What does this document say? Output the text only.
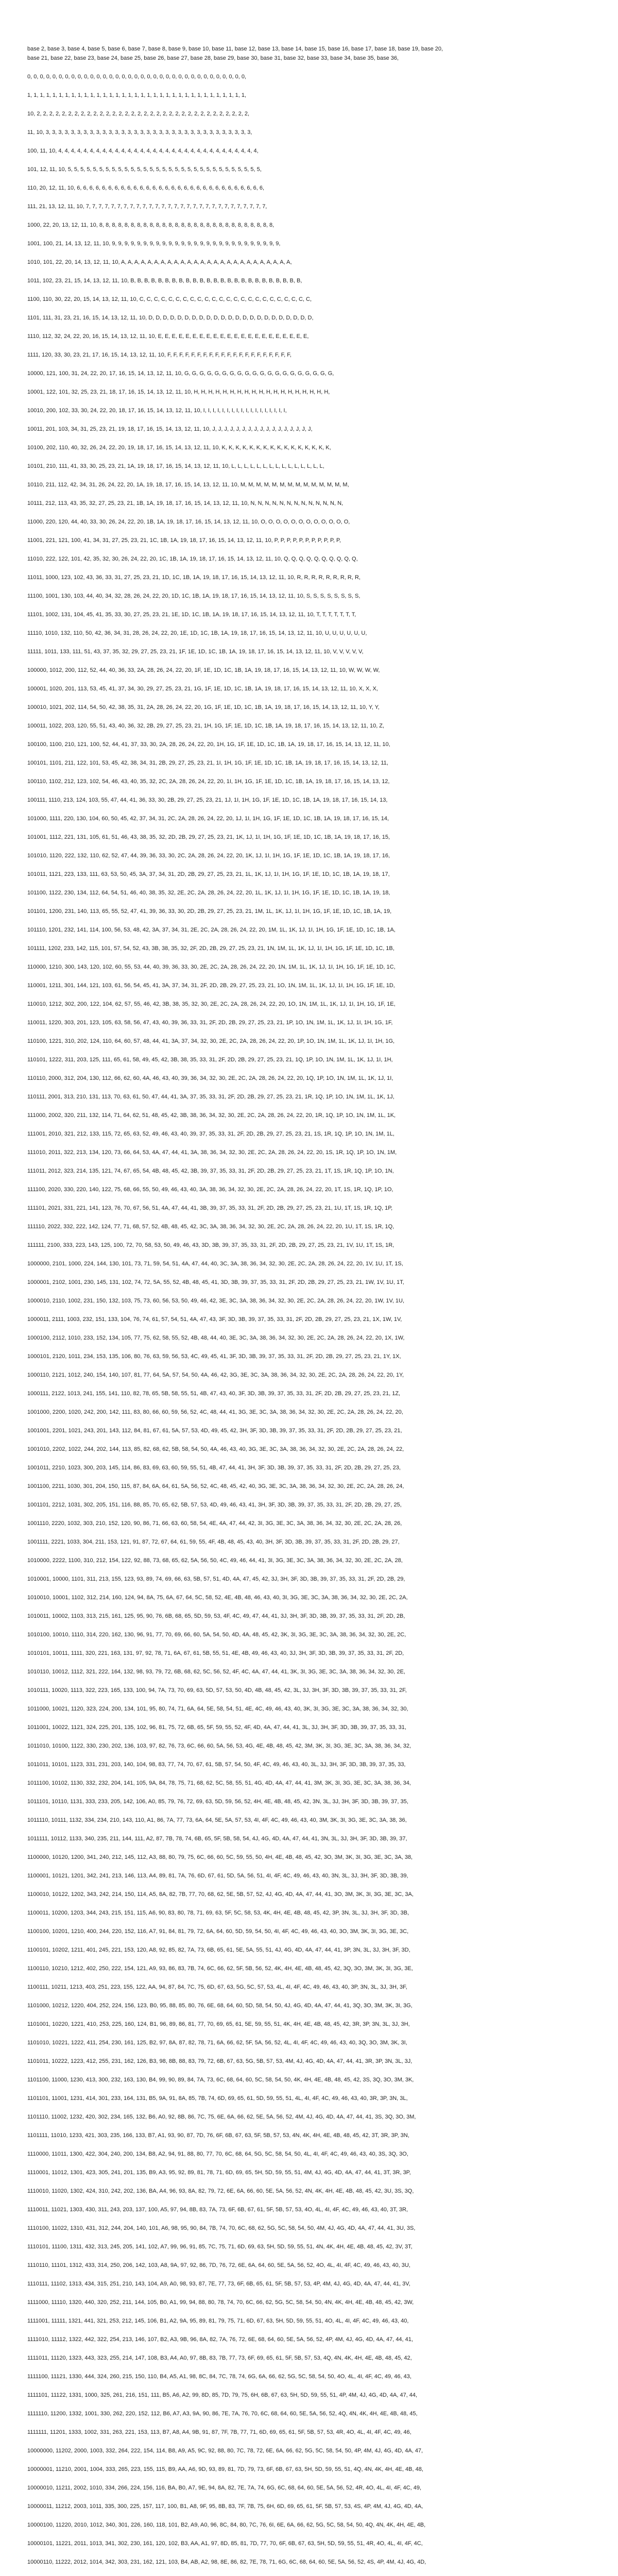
base 2, base 3, base 4, base 5, base 6, base 7, base 8, base 9, base 10, base 11, base 12, base 13, base 14, base 15, base 16, base 17, base 18, base 19, base 20,
base 21, base 22, base 23, base 24, base 25, base 26, base 27, base 28, base 29, base 30, base 31, base 32, base 33, base 34, base 35, base 36,
0, 0, 0, 0, 0, 0, 0, 0, 0, 0, 0, 0, 0, 0, 0, 0, 0, 0, 0, 0, 0, 0, 0, 0, 0, 0, 0, 0, 0, 0, 0, 0, 0, 0, 0,
1, 1, 1, 1, 1, 1, 1, 1, 1, 1, 1, 1, 1, 1, 1, 1, 1, 1, 1, 1, 1, 1, 1, 1, 1, 1, 1, 1, 1, 1, 1, 1, 1, 1, 1,
10, 2, 2, 2, 2, 2, 2, 2, 2, 2, 2, 2, 2, 2, 2, 2, 2, 2, 2, 2, 2, 2, 2, 2, 2, 2, 2, 2, 2, 2, 2, 2, 2, 2, 2,
11, 10, 3, 3, 3, 3, 3, 3, 3, 3, 3, 3, 3, 3, 3, 3, 3, 3, 3, 3, 3, 3, 3, 3, 3, 3, 3, 3, 3, 3, 3, 3, 3, 3, 3,
100, 11, 10, 4, 4, 4, 4, 4, 4, 4, 4, 4, 4, 4, 4, 4, 4, 4, 4, 4, 4, 4, 4, 4, 4, 4, 4, 4, 4, 4, 4, 4, 4, 4, 4,
101, 12, 11, 10, 5, 5, 5, 5, 5, 5, 5, 5, 5, 5, 5, 5, 5, 5, 5, 5, 5, 5, 5, 5, 5, 5, 5, 5, 5, 5, 5, 5, 5, 5, 5,
110, 20, 12, 11, 10, 6, 6, 6, 6, 6, 6, 6, 6, 6, 6, 6, 6, 6, 6, 6, 6, 6, 6, 6, 6, 6, 6, 6, 6, 6, 6, 6, 6, 6, 6,
111, 21, 13, 12, 11, 10, 7, 7, 7, 7, 7, 7, 7, 7, 7, 7, 7, 7, 7, 7, 7, 7, 7, 7, 7, 7, 7, 7, 7, 7, 7, 7, 7, 7, 7,
1000, 22, 20, 13, 12, 11, 10, 8, 8, 8, 8, 8, 8, 8, 8, 8, 8, 8, 8, 8, 8, 8, 8, 8, 8, 8, 8, 8, 8, 8, 8, 8, 8, 8, 8,
1001, 100, 21, 14, 13, 12, 11, 10, 9, 9, 9, 9, 9, 9, 9, 9, 9, 9, 9, 9, 9, 9, 9, 9, 9, 9, 9, 9, 9, 9, 9, 9, 9, 9, 9,
1010, 101, 22, 20, 14, 13, 12, 11, 10, A, A, A, A, A, A, A, A, A, A, A, A, A, A, A, A, A, A, A, A, A, A, A, A, A, A,
1011, 102, 23, 21, 15, 14, 13, 12, 11, 10, B, B, B, B, B, B, B, B, B, B, B, B, B, B, B, B, B, B, B, B, B, B, B, B, B,
1100, 110, 30, 22, 20, 15, 14, 13, 12, 11, 10, C, C, C, C, C, C, C, C, C, C, C, C, C, C, C, C, C, C, C, C, C, C, C, C,
1101, 111, 31, 23, 21, 16, 15, 14, 13, 12, 11, 10, D, D, D, D, D, D, D, D, D, D, D, D, D, D, D, D, D, D, D, D, D, D, D,
1110, 112, 32, 24, 22, 20, 16, 15, 14, 13, 12, 11, 10, E, E, E, E, E, E, E, E, E, E, E, E, E, E, E, E, E, E, E, E, E, E,
1111, 120, 33, 30, 23, 21, 17, 16, 15, 14, 13, 12, 11, 10, F, F, F, F, F, F, F, F, F, F, F, F, F, F, F, F, F, F, F, F, F,
10000, 121, 100, 31, 24, 22, 20, 17, 16, 15, 14, 13, 12, 11, 10, G, G, G, G, G, G, G, G, G, G, G, G, G, G, G, G, G, G, G, G,
10001, 122, 101, 32, 25, 23, 21, 18, 17, 16, 15, 14, 13, 12, 11, 10, H, H, H, H, H, H, H, H, H, H, H, H, H, H, H, H, H, H, H,
10010, 200, 102, 33, 30, 24, 22, 20, 18, 17, 16, 15, 14, 13, 12, 11, 10, I, I, I, I, I, I, I, I, I, I, I, I, I, I, I, I, I, I,
10011, 201, 103, 34, 31, 25, 23, 21, 19, 18, 17, 16, 15, 14, 13, 12, 11, 10, J, J, J, J, J, J, J, J, J, J, J, J, J, J, J, J, J,
10100, 202, 110, 40, 32, 26, 24, 22, 20, 19, 18, 17, 16, 15, 14, 13, 12, 11, 10, K, K, K, K, K, K, K, K, K, K, K, K, K, K, K, K,
10101, 210, 111, 41, 33, 30, 25, 23, 21, 1A, 19, 18, 17, 16, 15, 14, 13, 12, 11, 10, L, L, L, L, L, L, L, L, L, L, L, L, L, L, L,
10110, 211, 112, 42, 34, 31, 26, 24, 22, 20, 1A, 19, 18, 17, 16, 15, 14, 13, 12, 11, 10, M, M, M, M, M, M, M, M, M, M, M, M, M, M,
10111, 212, 113, 43, 35, 32, 27, 25, 23, 21, 1B, 1A, 19, 18, 17, 16, 15, 14, 13, 12, 11, 10, N, N, N, N, N, N, N, N, N, N, N, N, N,
11000, 220, 120, 44, 40, 33, 30, 26, 24, 22, 20, 1B, 1A, 19, 18, 17, 16, 15, 14, 13, 12, 11, 10, O, O, O, O, O, O, O, O, O, O, O, O,
11001, 221, 121, 100, 41, 34, 31, 27, 25, 23, 21, 1C, 1B, 1A, 19, 18, 17, 16, 15, 14, 13, 12, 11, 10, P, P, P, P, P, P, P, P, P, P, P,
11010, 222, 122, 101, 42, 35, 32, 30, 26, 24, 22, 20, 1C, 1B, 1A, 19, 18, 17, 16, 15, 14, 13, 12, 11, 10, Q, Q, Q, Q, Q, Q, Q, Q, Q, Q,
11011, 1000, 123, 102, 43, 36, 33, 31, 27, 25, 23, 21, 1D, 1C, 1B, 1A, 19, 18, 17, 16, 15, 14, 13, 12, 11, 10, R, R, R, R, R, R, R, R, R,
11100, 1001, 130, 103, 44, 40, 34, 32, 28, 26, 24, 22, 20, 1D, 1C, 1B, 1A, 19, 18, 17, 16, 15, 14, 13, 12, 11, 10, S, S, S, S, S, S, S, S,
11101, 1002, 131, 104, 45, 41, 35, 33, 30, 27, 25, 23, 21, 1E, 1D, 1C, 1B, 1A, 19, 18, 17, 16, 15, 14, 13, 12, 11, 10, T, T, T, T, T, T, T,
11110, 1010, 132, 110, 50, 42, 36, 34, 31, 28, 26, 24, 22, 20, 1E, 1D, 1C, 1B, 1A, 19, 18, 17, 16, 15, 14, 13, 12, 11, 10, U, U, U, U, U, U,
11111, 1011, 133, 111, 51, 43, 37, 35, 32, 29, 27, 25, 23, 21, 1F, 1E, 1D, 1C, 1B, 1A, 19, 18, 17, 16, 15, 14, 13, 12, 11, 10, V, V, V, V, V,
100000, 1012, 200, 112, 52, 44, 40, 36, 33, 2A, 28, 26, 24, 22, 20, 1F, 1E, 1D, 1C, 1B, 1A, 19, 18, 17, 16, 15, 14, 13, 12, 11, 10, W, W, W, W,
100001, 1020, 201, 113, 53, 45, 41, 37, 34, 30, 29, 27, 25, 23, 21, 1G, 1F, 1E, 1D, 1C, 1B, 1A, 19, 18, 17, 16, 15, 14, 13, 12, 11, 10, X, X, X,
100010, 1021, 202, 114, 54, 50, 42, 38, 35, 31, 2A, 28, 26, 24, 22, 20, 1G, 1F, 1E, 1D, 1C, 1B, 1A, 19, 18, 17, 16, 15, 14, 13, 12, 11, 10, Y, Y,
100011, 1022, 203, 120, 55, 51, 43, 40, 36, 32, 2B, 29, 27, 25, 23, 21, 1H, 1G, 1F, 1E, 1D, 1C, 1B, 1A, 19, 18, 17, 16, 15, 14, 13, 12, 11, 10, Z,
100100, 1100, 210, 121, 100, 52, 44, 41, 37, 33, 30, 2A, 28, 26, 24, 22, 20, 1H, 1G, 1F, 1E, 1D, 1C, 1B, 1A, 19, 18, 17, 16, 15, 14, 13, 12, 11, 10,
100101, 1101, 211, 122, 101, 53, 45, 42, 38, 34, 31, 2B, 29, 27, 25, 23, 21, 1I, 1H, 1G, 1F, 1E, 1D, 1C, 1B, 1A, 19, 18, 17, 16, 15, 14, 13, 12, 11,
100110, 1102, 212, 123, 102, 54, 46, 43, 40, 35, 32, 2C, 2A, 28, 26, 24, 22, 20, 1I, 1H, 1G, 1F, 1E, 1D, 1C, 1B, 1A, 19, 18, 17, 16, 15, 14, 13, 12,
100111, 1110, 213, 124, 103, 55, 47, 44, 41, 36, 33, 30, 2B, 29, 27, 25, 23, 21, 1J, 1I, 1H, 1G, 1F, 1E, 1D, 1C, 1B, 1A, 19, 18, 17, 16, 15, 14, 13,
101000, 1111, 220, 130, 104, 60, 50, 45, 42, 37, 34, 31, 2C, 2A, 28, 26, 24, 22, 20, 1J, 1I, 1H, 1G, 1F, 1E, 1D, 1C, 1B, 1A, 19, 18, 17, 16, 15, 14,
101001, 1112, 221, 131, 105, 61, 51, 46, 43, 38, 35, 32, 2D, 2B, 29, 27, 25, 23, 21, 1K, 1J, 1I, 1H, 1G, 1F, 1E, 1D, 1C, 1B, 1A, 19, 18, 17, 16, 15,
101010, 1120, 222, 132, 110, 62, 52, 47, 44, 39, 36, 33, 30, 2C, 2A, 28, 26, 24, 22, 20, 1K, 1J, 1I, 1H, 1G, 1F, 1E, 1D, 1C, 1B, 1A, 19, 18, 17, 16,
101011, 1121, 223, 133, 111, 63, 53, 50, 45, 3A, 37, 34, 31, 2D, 2B, 29, 27, 25, 23, 21, 1L, 1K, 1J, 1I, 1H, 1G, 1F, 1E, 1D, 1C, 1B, 1A, 19, 18, 17,
101100, 1122, 230, 134, 112, 64, 54, 51, 46, 40, 38, 35, 32, 2E, 2C, 2A, 28, 26, 24, 22, 20, 1L, 1K, 1J, 1I, 1H, 1G, 1F, 1E, 1D, 1C, 1B, 1A, 19, 18,
101101, 1200, 231, 140, 113, 65, 55, 52, 47, 41, 39, 36, 33, 30, 2D, 2B, 29, 27, 25, 23, 21, 1M, 1L, 1K, 1J, 1I, 1H, 1G, 1F, 1E, 1D, 1C, 1B, 1A, 19,
101110, 1201, 232, 141, 114, 100, 56, 53, 48, 42, 3A, 37, 34, 31, 2E, 2C, 2A, 28, 26, 24, 22, 20, 1M, 1L, 1K, 1J, 1I, 1H, 1G, 1F, 1E, 1D, 1C, 1B, 1A,
101111, 1202, 233, 142, 115, 101, 57, 54, 52, 43, 3B, 38, 35, 32, 2F, 2D, 2B, 29, 27, 25, 23, 21, 1N, 1M, 1L, 1K, 1J, 1I, 1H, 1G, 1F, 1E, 1D, 1C, 1B,
110000, 1210, 300, 143, 120, 102, 60, 55, 53, 44, 40, 39, 36, 33, 30, 2E, 2C, 2A, 28, 26, 24, 22, 20, 1N, 1M, 1L, 1K, 1J, 1I, 1H, 1G, 1F, 1E, 1D, 1C,
110001, 1211, 301, 144, 121, 103, 61, 56, 54, 45, 41, 3A, 37, 34, 31, 2F, 2D, 2B, 29, 27, 25, 23, 21, 1O, 1N, 1M, 1L, 1K, 1J, 1I, 1H, 1G, 1F, 1E, 1D,
110010, 1212, 302, 200, 122, 104, 62, 57, 55, 46, 42, 3B, 38, 35, 32, 30, 2E, 2C, 2A, 28, 26, 24, 22, 20, 1O, 1N, 1M, 1L, 1K, 1J, 1I, 1H, 1G, 1F, 1E,
110011, 1220, 303, 201, 123, 105, 63, 58, 56, 47, 43, 40, 39, 36, 33, 31, 2F, 2D, 2B, 29, 27, 25, 23, 21, 1P, 1O, 1N, 1M, 1L, 1K, 1J, 1I, 1H, 1G, 1F,
110100, 1221, 310, 202, 124, 110, 64, 60, 57, 48, 44, 41, 3A, 37, 34, 32, 30, 2E, 2C, 2A, 28, 26, 24, 22, 20, 1P, 1O, 1N, 1M, 1L, 1K, 1J, 1I, 1H, 1G,
110101, 1222, 311, 203, 125, 111, 65, 61, 58, 49, 45, 42, 3B, 38, 35, 33, 31, 2F, 2D, 2B, 29, 27, 25, 23, 21, 1Q, 1P, 1O, 1N, 1M, 1L, 1K, 1J, 1I, 1H,
110110, 2000, 312, 204, 130, 112, 66, 62, 60, 4A, 46, 43, 40, 39, 36, 34, 32, 30, 2E, 2C, 2A, 28, 26, 24, 22, 20, 1Q, 1P, 1O, 1N, 1M, 1L, 1K, 1J, 1I,
110111, 2001, 313, 210, 131, 113, 70, 63, 61, 50, 47, 44, 41, 3A, 37, 35, 33, 31, 2F, 2D, 2B, 29, 27, 25, 23, 21, 1R, 1Q, 1P, 1O, 1N, 1M, 1L, 1K, 1J,
111000, 2002, 320, 211, 132, 114, 71, 64, 62, 51, 48, 45, 42, 3B, 38, 36, 34, 32, 30, 2E, 2C, 2A, 28, 26, 24, 22, 20, 1R, 1Q, 1P, 1O, 1N, 1M, 1L, 1K,
111001, 2010, 321, 212, 133, 115, 72, 65, 63, 52, 49, 46, 43, 40, 39, 37, 35, 33, 31, 2F, 2D, 2B, 29, 27, 25, 23, 21, 1S, 1R, 1Q, 1P, 1O, 1N, 1M, 1L,
111010, 2011, 322, 213, 134, 120, 73, 66, 64, 53, 4A, 47, 44, 41, 3A, 38, 36, 34, 32, 30, 2E, 2C, 2A, 28, 26, 24, 22, 20, 1S, 1R, 1Q, 1P, 1O, 1N, 1M,
111011, 2012, 323, 214, 135, 121, 74, 67, 65, 54, 4B, 48, 45, 42, 3B, 39, 37, 35, 33, 31, 2F, 2D, 2B, 29, 27, 25, 23, 21, 1T, 1S, 1R, 1Q, 1P, 1O, 1N,
111100, 2020, 330, 220, 140, 122, 75, 68, 66, 55, 50, 49, 46, 43, 40, 3A, 38, 36, 34, 32, 30, 2E, 2C, 2A, 28, 26, 24, 22, 20, 1T, 1S, 1R, 1Q, 1P, 1O,
111101, 2021, 331, 221, 141, 123, 76, 70, 67, 56, 51, 4A, 47, 44, 41, 3B, 39, 37, 35, 33, 31, 2F, 2D, 2B, 29, 27, 25, 23, 21, 1U, 1T, 1S, 1R, 1Q, 1P,
111110, 2022, 332, 222, 142, 124, 77, 71, 68, 57, 52, 4B, 48, 45, 42, 3C, 3A, 38, 36, 34, 32, 30, 2E, 2C, 2A, 28, 26, 24, 22, 20, 1U, 1T, 1S, 1R, 1Q,
111111, 2100, 333, 223, 143, 125, 100, 72, 70, 58, 53, 50, 49, 46, 43, 3D, 3B, 39, 37, 35, 33, 31, 2F, 2D, 2B, 29, 27, 25, 23, 21, 1V, 1U, 1T, 1S, 1R,
1000000, 2101, 1000, 224, 144, 130, 101, 73, 71, 59, 54, 51, 4A, 47, 44, 40, 3C, 3A, 38, 36, 34, 32, 30, 2E, 2C, 2A, 28, 26, 24, 22, 20, 1V, 1U, 1T, 1S,
1000001, 2102, 1001, 230, 145, 131, 102, 74, 72, 5A, 55, 52, 4B, 48, 45, 41, 3D, 3B, 39, 37, 35, 33, 31, 2F, 2D, 2B, 29, 27, 25, 23, 21, 1W, 1V, 1U, 1T,
1000010, 2110, 1002, 231, 150, 132, 103, 75, 73, 60, 56, 53, 50, 49, 46, 42, 3E, 3C, 3A, 38, 36, 34, 32, 30, 2E, 2C, 2A, 28, 26, 24, 22, 20, 1W, 1V, 1U,
1000011, 2111, 1003, 232, 151, 133, 104, 76, 74, 61, 57, 54, 51, 4A, 47, 43, 3F, 3D, 3B, 39, 37, 35, 33, 31, 2F, 2D, 2B, 29, 27, 25, 23, 21, 1X, 1W, 1V,
1000100, 2112, 1010, 233, 152, 134, 105, 77, 75, 62, 58, 55, 52, 4B, 48, 44, 40, 3E, 3C, 3A, 38, 36, 34, 32, 30, 2E, 2C, 2A, 28, 26, 24, 22, 20, 1X, 1W,
1000101, 2120, 1011, 234, 153, 135, 106, 80, 76, 63, 59, 56, 53, 4C, 49, 45, 41, 3F, 3D, 3B, 39, 37, 35, 33, 31, 2F, 2D, 2B, 29, 27, 25, 23, 21, 1Y, 1X,
1000110, 2121, 1012, 240, 154, 140, 107, 81, 77, 64, 5A, 57, 54, 50, 4A, 46, 42, 3G, 3E, 3C, 3A, 38, 36, 34, 32, 30, 2E, 2C, 2A, 28, 26, 24, 22, 20, 1Y,
1000111, 2122, 1013, 241, 155, 141, 110, 82, 78, 65, 5B, 58, 55, 51, 4B, 47, 43, 40, 3F, 3D, 3B, 39, 37, 35, 33, 31, 2F, 2D, 2B, 29, 27, 25, 23, 21, 1Z,
1001000, 2200, 1020, 242, 200, 142, 111, 83, 80, 66, 60, 59, 56, 52, 4C, 48, 44, 41, 3G, 3E, 3C, 3A, 38, 36, 34, 32, 30, 2E, 2C, 2A, 28, 26, 24, 22, 20,
1001001, 2201, 1021, 243, 201, 143, 112, 84, 81, 67, 61, 5A, 57, 53, 4D, 49, 45, 42, 3H, 3F, 3D, 3B, 39, 37, 35, 33, 31, 2F, 2D, 2B, 29, 27, 25, 23, 21,
1001010, 2202, 1022, 244, 202, 144, 113, 85, 82, 68, 62, 5B, 58, 54, 50, 4A, 46, 43, 40, 3G, 3E, 3C, 3A, 38, 36, 34, 32, 30, 2E, 2C, 2A, 28, 26, 24, 22,
1001011, 2210, 1023, 300, 203, 145, 114, 86, 83, 69, 63, 60, 59, 55, 51, 4B, 47, 44, 41, 3H, 3F, 3D, 3B, 39, 37, 35, 33, 31, 2F, 2D, 2B, 29, 27, 25, 23,
1001100, 2211, 1030, 301, 204, 150, 115, 87, 84, 6A, 64, 61, 5A, 56, 52, 4C, 48, 45, 42, 40, 3G, 3E, 3C, 3A, 38, 36, 34, 32, 30, 2E, 2C, 2A, 28, 26, 24,
1001101, 2212, 1031, 302, 205, 151, 116, 88, 85, 70, 65, 62, 5B, 57, 53, 4D, 49, 46, 43, 41, 3H, 3F, 3D, 3B, 39, 37, 35, 33, 31, 2F, 2D, 2B, 29, 27, 25,
1001110, 2220, 1032, 303, 210, 152, 120, 90, 86, 71, 66, 63, 60, 58, 54, 4E, 4A, 47, 44, 42, 3I, 3G, 3E, 3C, 3A, 38, 36, 34, 32, 30, 2E, 2C, 2A, 28, 26,
1001111, 2221, 1033, 304, 211, 153, 121, 91, 87, 72, 67, 64, 61, 59, 55, 4F, 4B, 48, 45, 43, 40, 3H, 3F, 3D, 3B, 39, 37, 35, 33, 31, 2F, 2D, 2B, 29, 27,
1010000, 2222, 1100, 310, 212, 154, 122, 92, 88, 73, 68, 65, 62, 5A, 56, 50, 4C, 49, 46, 44, 41, 3I, 3G, 3E, 3C, 3A, 38, 36, 34, 32, 30, 2E, 2C, 2A, 28,
1010001, 10000, 1101, 311, 213, 155, 123, 93, 89, 74, 69, 66, 63, 5B, 57, 51, 4D, 4A, 47, 45, 42, 3J, 3H, 3F, 3D, 3B, 39, 37, 35, 33, 31, 2F, 2D, 2B, 29,
1010010, 10001, 1102, 312, 214, 160, 124, 94, 8A, 75, 6A, 67, 64, 5C, 58, 52, 4E, 4B, 48, 46, 43, 40, 3I, 3G, 3E, 3C, 3A, 38, 36, 34, 32, 30, 2E, 2C, 2A,
1010011, 10002, 1103, 313, 215, 161, 125, 95, 90, 76, 6B, 68, 65, 5D, 59, 53, 4F, 4C, 49, 47, 44, 41, 3J, 3H, 3F, 3D, 3B, 39, 37, 35, 33, 31, 2F, 2D, 2B,
1010100, 10010, 1110, 314, 220, 162, 130, 96, 91, 77, 70, 69, 66, 60, 5A, 54, 50, 4D, 4A, 48, 45, 42, 3K, 3I, 3G, 3E, 3C, 3A, 38, 36, 34, 32, 30, 2E, 2C,
1010101, 10011, 1111, 320, 221, 163, 131, 97, 92, 78, 71, 6A, 67, 61, 5B, 55, 51, 4E, 4B, 49, 46, 43, 40, 3J, 3H, 3F, 3D, 3B, 39, 37, 35, 33, 31, 2F, 2D,
1010110, 10012, 1112, 321, 222, 164, 132, 98, 93, 79, 72, 6B, 68, 62, 5C, 56, 52, 4F, 4C, 4A, 47, 44, 41, 3K, 3I, 3G, 3E, 3C, 3A, 38, 36, 34, 32, 30, 2E,
1010111, 10020, 1113, 322, 223, 165, 133, 100, 94, 7A, 73, 70, 69, 63, 5D, 57, 53, 50, 4D, 4B, 48, 45, 42, 3L, 3J, 3H, 3F, 3D, 3B, 39, 37, 35, 33, 31, 2F,
1011000, 10021, 1120, 323, 224, 200, 134, 101, 95, 80, 74, 71, 6A, 64, 5E, 58, 54, 51, 4E, 4C, 49, 46, 43, 40, 3K, 3I, 3G, 3E, 3C, 3A, 38, 36, 34, 32, 30,
1011001, 10022, 1121, 324, 225, 201, 135, 102, 96, 81, 75, 72, 6B, 65, 5F, 59, 55, 52, 4F, 4D, 4A, 47, 44, 41, 3L, 3J, 3H, 3F, 3D, 3B, 39, 37, 35, 33, 31,
1011010, 10100, 1122, 330, 230, 202, 136, 103, 97, 82, 76, 73, 6C, 66, 60, 5A, 56, 53, 4G, 4E, 4B, 48, 45, 42, 3M, 3K, 3I, 3G, 3E, 3C, 3A, 38, 36, 34, 32,
1011011, 10101, 1123, 331, 231, 203, 140, 104, 98, 83, 77, 74, 70, 67, 61, 5B, 57, 54, 50, 4F, 4C, 49, 46, 43, 40, 3L, 3J, 3H, 3F, 3D, 3B, 39, 37, 35, 33,
1011100, 10102, 1130, 332, 232, 204, 141, 105, 9A, 84, 78, 75, 71, 68, 62, 5C, 58, 55, 51, 4G, 4D, 4A, 47, 44, 41, 3M, 3K, 3I, 3G, 3E, 3C, 3A, 38, 36, 34,
1011101, 10110, 1131, 333, 233, 205, 142, 106, A0, 85, 79, 76, 72, 69, 63, 5D, 59, 56, 52, 4H, 4E, 4B, 48, 45, 42, 3N, 3L, 3J, 3H, 3F, 3D, 3B, 39, 37, 35,
1011110, 10111, 1132, 334, 234, 210, 143, 110, A1, 86, 7A, 77, 73, 6A, 64, 5E, 5A, 57, 53, 4I, 4F, 4C, 49, 46, 43, 40, 3M, 3K, 3I, 3G, 3E, 3C, 3A, 38, 36,
1011111, 10112, 1133, 340, 235, 211, 144, 111, A2, 87, 7B, 78, 74, 6B, 65, 5F, 5B, 58, 54, 4J, 4G, 4D, 4A, 47, 44, 41, 3N, 3L, 3J, 3H, 3F, 3D, 3B, 39, 37,
1100000, 10120, 1200, 341, 240, 212, 145, 112, A3, 88, 80, 79, 75, 6C, 66, 60, 5C, 59, 55, 50, 4H, 4E, 4B, 48, 45, 42, 3O, 3M, 3K, 3I, 3G, 3E, 3C, 3A, 38,
1100001, 10121, 1201, 342, 241, 213, 146, 113, A4, 89, 81, 7A, 76, 6D, 67, 61, 5D, 5A, 56, 51, 4I, 4F, 4C, 49, 46, 43, 40, 3N, 3L, 3J, 3H, 3F, 3D, 3B, 39,
1100010, 10122, 1202, 343, 242, 214, 150, 114, A5, 8A, 82, 7B, 77, 70, 68, 62, 5E, 5B, 57, 52, 4J, 4G, 4D, 4A, 47, 44, 41, 3O, 3M, 3K, 3I, 3G, 3E, 3C, 3A,
1100011, 10200, 1203, 344, 243, 215, 151, 115, A6, 90, 83, 80, 78, 71, 69, 63, 5F, 5C, 58, 53, 4K, 4H, 4E, 4B, 48, 45, 42, 3P, 3N, 3L, 3J, 3H, 3F, 3D, 3B,
1100100, 10201, 1210, 400, 244, 220, 152, 116, A7, 91, 84, 81, 79, 72, 6A, 64, 60, 5D, 59, 54, 50, 4I, 4F, 4C, 49, 46, 43, 40, 3O, 3M, 3K, 3I, 3G, 3E, 3C,
1100101, 10202, 1211, 401, 245, 221, 153, 120, A8, 92, 85, 82, 7A, 73, 6B, 65, 61, 5E, 5A, 55, 51, 4J, 4G, 4D, 4A, 47, 44, 41, 3P, 3N, 3L, 3J, 3H, 3F, 3D,
1100110, 10210, 1212, 402, 250, 222, 154, 121, A9, 93, 86, 83, 7B, 74, 6C, 66, 62, 5F, 5B, 56, 52, 4K, 4H, 4E, 4B, 48, 45, 42, 3Q, 3O, 3M, 3K, 3I, 3G, 3E,
1100111, 10211, 1213, 403, 251, 223, 155, 122, AA, 94, 87, 84, 7C, 75, 6D, 67, 63, 5G, 5C, 57, 53, 4L, 4I, 4F, 4C, 49, 46, 43, 40, 3P, 3N, 3L, 3J, 3H, 3F,
1101000, 10212, 1220, 404, 252, 224, 156, 123, B0, 95, 88, 85, 80, 76, 6E, 68, 64, 60, 5D, 58, 54, 50, 4J, 4G, 4D, 4A, 47, 44, 41, 3Q, 3O, 3M, 3K, 3I, 3G,
1101001, 10220, 1221, 410, 253, 225, 160, 124, B1, 96, 89, 86, 81, 77, 70, 69, 65, 61, 5E, 59, 55, 51, 4K, 4H, 4E, 4B, 48, 45, 42, 3R, 3P, 3N, 3L, 3J, 3H,
1101010, 10221, 1222, 411, 254, 230, 161, 125, B2, 97, 8A, 87, 82, 78, 71, 6A, 66, 62, 5F, 5A, 56, 52, 4L, 4I, 4F, 4C, 49, 46, 43, 40, 3Q, 3O, 3M, 3K, 3I,
1101011, 10222, 1223, 412, 255, 231, 162, 126, B3, 98, 8B, 88, 83, 79, 72, 6B, 67, 63, 5G, 5B, 57, 53, 4M, 4J, 4G, 4D, 4A, 47, 44, 41, 3R, 3P, 3N, 3L, 3J,
1101100, 11000, 1230, 413, 300, 232, 163, 130, B4, 99, 90, 89, 84, 7A, 73, 6C, 68, 64, 60, 5C, 58, 54, 50, 4K, 4H, 4E, 4B, 48, 45, 42, 3S, 3Q, 3O, 3M, 3K,
1101101, 11001, 1231, 414, 301, 233, 164, 131, B5, 9A, 91, 8A, 85, 7B, 74, 6D, 69, 65, 61, 5D, 59, 55, 51, 4L, 4I, 4F, 4C, 49, 46, 43, 40, 3R, 3P, 3N, 3L,
1101110, 11002, 1232, 420, 302, 234, 165, 132, B6, A0, 92, 8B, 86, 7C, 75, 6E, 6A, 66, 62, 5E, 5A, 56, 52, 4M, 4J, 4G, 4D, 4A, 47, 44, 41, 3S, 3Q, 3O, 3M,
1101111, 11010, 1233, 421, 303, 235, 166, 133, B7, A1, 93, 90, 87, 7D, 76, 6F, 6B, 67, 63, 5F, 5B, 57, 53, 4N, 4K, 4H, 4E, 4B, 48, 45, 42, 3T, 3R, 3P, 3N,
1110000, 11011, 1300, 422, 304, 240, 200, 134, B8, A2, 94, 91, 88, 80, 77, 70, 6C, 68, 64, 5G, 5C, 58, 54, 50, 4L, 4I, 4F, 4C, 49, 46, 43, 40, 3S, 3Q, 3O,
1110001, 11012, 1301, 423, 305, 241, 201, 135, B9, A3, 95, 92, 89, 81, 78, 71, 6D, 69, 65, 5H, 5D, 59, 55, 51, 4M, 4J, 4G, 4D, 4A, 47, 44, 41, 3T, 3R, 3P,
1110010, 11020, 1302, 424, 310, 242, 202, 136, BA, A4, 96, 93, 8A, 82, 79, 72, 6E, 6A, 66, 60, 5E, 5A, 56, 52, 4N, 4K, 4H, 4E, 4B, 48, 45, 42, 3U, 3S, 3Q,
1110011, 11021, 1303, 430, 311, 243, 203, 137, 100, A5, 97, 94, 8B, 83, 7A, 73, 6F, 6B, 67, 61, 5F, 5B, 57, 53, 4O, 4L, 4I, 4F, 4C, 49, 46, 43, 40, 3T, 3R,
1110100, 11022, 1310, 431, 312, 244, 204, 140, 101, A6, 98, 95, 90, 84, 7B, 74, 70, 6C, 68, 62, 5G, 5C, 58, 54, 50, 4M, 4J, 4G, 4D, 4A, 47, 44, 41, 3U, 3S,
1110101, 11100, 1311, 432, 313, 245, 205, 141, 102, A7, 99, 96, 91, 85, 7C, 75, 71, 6D, 69, 63, 5H, 5D, 59, 55, 51, 4N, 4K, 4H, 4E, 4B, 48, 45, 42, 3V, 3T,
1110110, 11101, 1312, 433, 314, 250, 206, 142, 103, A8, 9A, 97, 92, 86, 7D, 76, 72, 6E, 6A, 64, 60, 5E, 5A, 56, 52, 4O, 4L, 4I, 4F, 4C, 49, 46, 43, 40, 3U,
1110111, 11102, 1313, 434, 315, 251, 210, 143, 104, A9, A0, 98, 93, 87, 7E, 77, 73, 6F, 6B, 65, 61, 5F, 5B, 57, 53, 4P, 4M, 4J, 4G, 4D, 4A, 47, 44, 41, 3V,
1111000, 11110, 1320, 440, 320, 252, 211, 144, 105, B0, A1, 99, 94, 88, 80, 78, 74, 70, 6C, 66, 62, 5G, 5C, 58, 54, 50, 4N, 4K, 4H, 4E, 4B, 48, 45, 42, 3W,
1111001, 11111, 1321, 441, 321, 253, 212, 145, 106, B1, A2, 9A, 95, 89, 81, 79, 75, 71, 6D, 67, 63, 5H, 5D, 59, 55, 51, 4O, 4L, 4I, 4F, 4C, 49, 46, 43, 40,
1111010, 11112, 1322, 442, 322, 254, 213, 146, 107, B2, A3, 9B, 96, 8A, 82, 7A, 76, 72, 6E, 68, 64, 60, 5E, 5A, 56, 52, 4P, 4M, 4J, 4G, 4D, 4A, 47, 44, 41,
1111011, 11120, 1323, 443, 323, 255, 214, 147, 108, B3, A4, A0, 97, 8B, 83, 7B, 77, 73, 6F, 69, 65, 61, 5F, 5B, 57, 53, 4Q, 4N, 4K, 4H, 4E, 4B, 48, 45, 42,
1111100, 11121, 1330, 444, 324, 260, 215, 150, 110, B4, A5, A1, 98, 8C, 84, 7C, 78, 74, 6G, 6A, 66, 62, 5G, 5C, 58, 54, 50, 4O, 4L, 4I, 4F, 4C, 49, 46, 43,
1111101, 11122, 1331, 1000, 325, 261, 216, 151, 111, B5, A6, A2, 99, 8D, 85, 7D, 79, 75, 6H, 6B, 67, 63, 5H, 5D, 59, 55, 51, 4P, 4M, 4J, 4G, 4D, 4A, 47, 44,
1111110, 11200, 1332, 1001, 330, 262, 220, 152, 112, B6, A7, A3, 9A, 90, 86, 7E, 7A, 76, 70, 6C, 68, 64, 60, 5E, 5A, 56, 52, 4Q, 4N, 4K, 4H, 4E, 4B, 48, 45,
1111111, 11201, 1333, 1002, 331, 263, 221, 153, 113, B7, A8, A4, 9B, 91, 87, 7F, 7B, 77, 71, 6D, 69, 65, 61, 5F, 5B, 57, 53, 4R, 4O, 4L, 4I, 4F, 4C, 49, 46,
10000000, 11202, 2000, 1003, 332, 264, 222, 154, 114, B8, A9, A5, 9C, 92, 88, 80, 7C, 78, 72, 6E, 6A, 66, 62, 5G, 5C, 58, 54, 50, 4P, 4M, 4J, 4G, 4D, 4A, 47,
10000001, 11210, 2001, 1004, 333, 265, 223, 155, 115, B9, AA, A6, 9D, 93, 89, 81, 7D, 79, 73, 6F, 6B, 67, 63, 5H, 5D, 59, 55, 51, 4Q, 4N, 4K, 4H, 4E, 4B, 48,
10000010, 11211, 2002, 1010, 334, 266, 224, 156, 116, BA, B0, A7, 9E, 94, 8A, 82, 7E, 7A, 74, 6G, 6C, 68, 64, 60, 5E, 5A, 56, 52, 4R, 4O, 4L, 4I, 4F, 4C, 49,
10000011, 11212, 2003, 1011, 335, 300, 225, 157, 117, 100, B1, A8, 9F, 95, 8B, 83, 7F, 7B, 75, 6H, 6D, 69, 65, 61, 5F, 5B, 57, 53, 4S, 4P, 4M, 4J, 4G, 4D, 4A,
10000100, 11220, 2010, 1012, 340, 301, 226, 160, 118, 101, B2, A9, A0, 96, 8C, 84, 80, 7C, 76, 6I, 6E, 6A, 66, 62, 5G, 5C, 58, 54, 50, 4Q, 4N, 4K, 4H, 4E, 4B,
10000101, 11221, 2011, 1013, 341, 302, 230, 161, 120, 102, B3, AA, A1, 97, 8D, 85, 81, 7D, 77, 70, 6F, 6B, 67, 63, 5H, 5D, 59, 55, 51, 4R, 4O, 4L, 4I, 4F, 4C,
10000110, 11222, 2012, 1014, 342, 303, 231, 162, 121, 103, B4, AB, A2, 98, 8E, 86, 82, 7E, 78, 71, 6G, 6C, 68, 64, 60, 5E, 5A, 56, 52, 4S, 4P, 4M, 4J, 4G, 4D,
